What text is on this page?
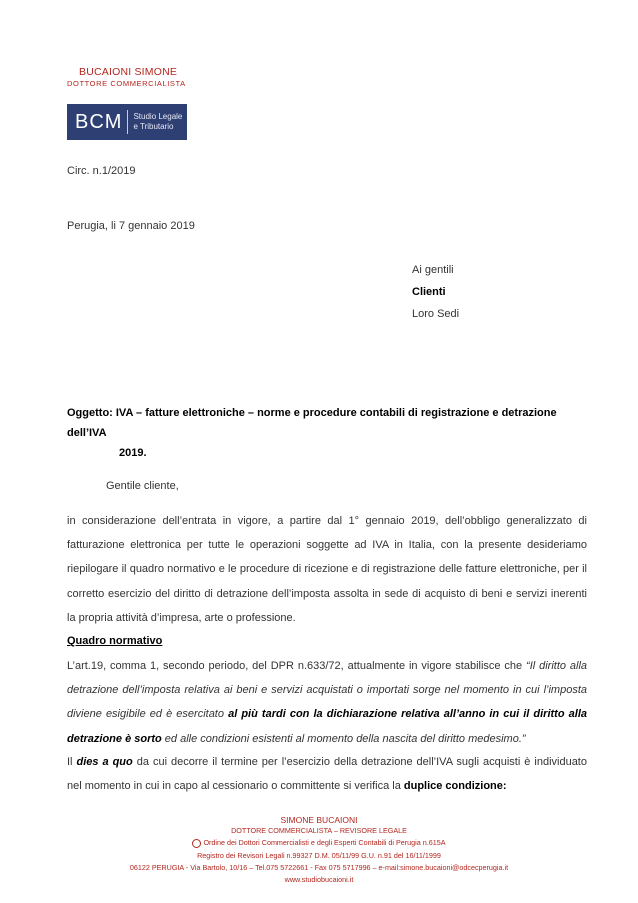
BUCAIONI SIMONE
DOTTORE COMMERCIALISTA
BCM Studio Legale
e Tributario
Circ. n.1/2019
Perugia, li 7 gennaio 2019
Ai gentili
Clienti
Loro Sedi
Oggetto: IVA – fatture elettroniche – norme e procedure contabili di registrazione e detrazione dell’IVA
2019.
Gentile cliente,
in considerazione dell’entrata in vigore, a partire dal 1° gennaio 2019, dell’obbligo generalizzato di fatturazione elettronica per tutte le operazioni soggette ad IVA in Italia, con la presente desideriamo riepilogare il quadro normativo e le procedure di ricezione e di registrazione delle fatture elettroniche, per il corretto esercizio del diritto di detrazione dell’imposta assolta in sede di acquisto di beni e servizi inerenti la propria attività d’impresa, arte o professione.
Quadro normativo
L’art.19, comma 1, secondo periodo, del DPR n.633/72, attualmente in vigore stabilisce che “Il diritto alla detrazione dell’imposta relativa ai beni e servizi acquistati o importati sorge nel momento in cui l’imposta diviene esigibile ed è esercitato al più tardi con la dichiarazione relativa all’anno in cui il diritto alla detrazione è sorto ed alle condizioni esistenti al momento della nascita del diritto medesimo.”
Il dies a quo da cui decorre il termine per l’esercizio della detrazione dell’IVA sugli acquisti è individuato nel momento in cui in capo al cessionario o committente si verifica la duplice condizione:
SIMONE BUCAIONI
DOTTORE COMMERCIALISTA – REVISORE LEGALE
Ordine dei Dottori Commercialisti e degli Esperti Contabili di Perugia n.615A
Registro dei Revisori Legali n.99327 D.M. 05/11/99 G.U. n.91 del 16/11/1999
06122 PERUGIA - Via Bartolo, 10/16 – Tel.075 5722661 - Fax 075 5717996 – e-mail:simone.bucaioni@odcecperugia.it
www.studiobucaioni.it
